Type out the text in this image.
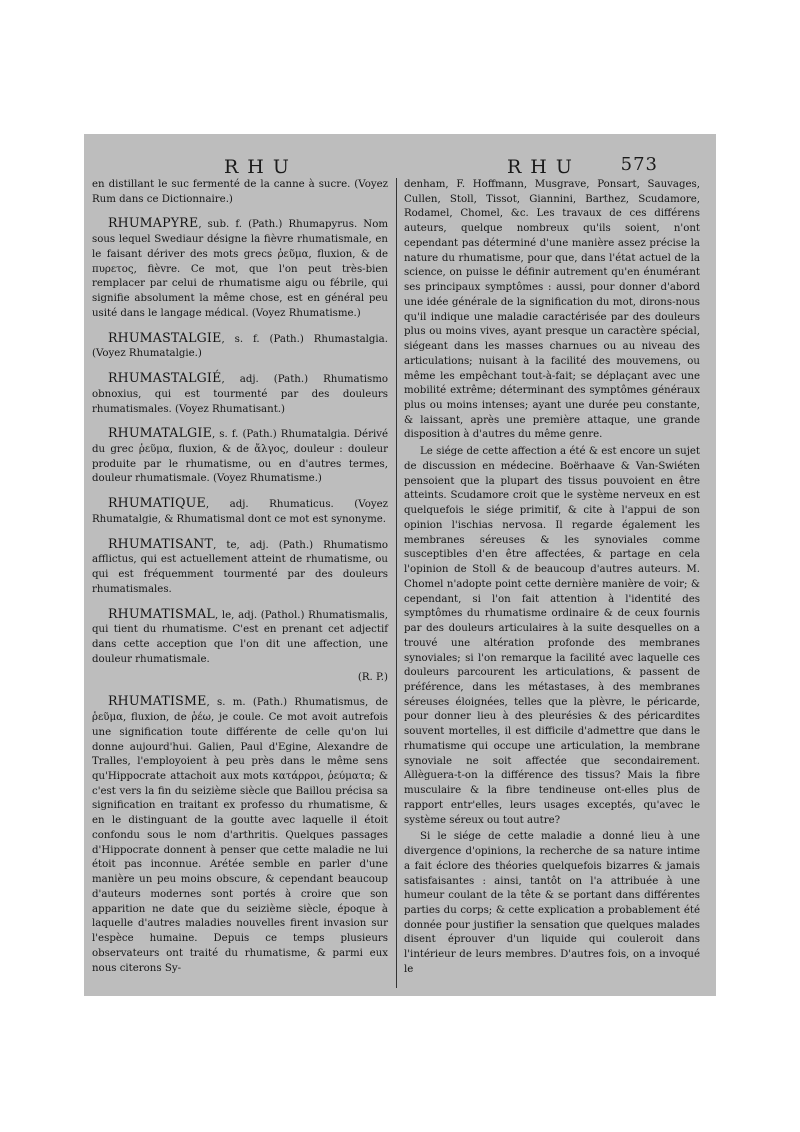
RHU	RHU 573

en distillant le suc fermenté de la canne à sucre. (Voyez Rum dans ce Dictionnaire.)

RHUMAPYRE, sub. f. (Path.) Rhumapyrus. Nom sous lequel Swediaur désigne la fièvre rhumatismale, en le faisant dériver des mots grecs ῥεῦμα, fluxion, & de πυρετος, fièvre. Ce mot, que l'on peut très-bien remplacer par celui de rhumatisme aigu ou fébrile, qui signifie absolument la même chose, est en général peu usité dans le langage médical. (Voyez Rhumatisme.)

RHUMASTALGIE, s. f. (Path.) Rhumastalgia. (Voyez Rhumatalgie.)

RHUMASTALGIÉ, adj. (Path.) Rhumatismo obnoxius, qui est tourmenté par des douleurs rhumatismales. (Voyez Rhumatisant.)

RHUMATALGIE, s. f. (Path.) Rhumatalgia. Dérivé du grec ῥεῦμα, fluxion, & de ἄλγος, douleur : douleur produite par le rhumatisme, ou en d'autres termes, douleur rhumatismale. (Voyez Rhumatisme.)

RHUMATIQUE, adj. Rhumaticus. (Voyez Rhumatalgie, & Rhumatismal dont ce mot est synonyme.

RHUMATISANT, te, adj. (Path.) Rhumatismo afflictus, qui est actuellement atteint de rhumatisme, ou qui est fréquemment tourmenté par des douleurs rhumatismales.

RHUMATISMAL, le, adj. (Pathol.) Rhumatismalis, qui tient du rhumatisme. C'est en prenant cet adjectif dans cette acception que l'on dit une affection, une douleur rhumatismale.

(R. P.)

RHUMATISME, s. m. (Path.) Rhumatismus, de ῥεῦμα, fluxion, de ῥέω, je coule. Ce mot avoit autrefois une signification toute différente de celle qu'on lui donne aujourd'hui. Galien, Paul d'Egine, Alexandre de Tralles, l'employoient à peu près dans le même sens qu'Hippocrate attachoit aux mots κατάρροι, ῥεύματα; & c'est vers la fin du seizième siècle que Baillou précisa sa signification en traitant ex professo du rhumatisme, & en le distinguant de la goutte avec laquelle il étoit confondu sous le nom d'arthritis. Quelques passages d'Hippocrate donnent à penser que cette maladie ne lui étoit pas inconnue. Arétée semble en parler d'une manière un peu moins obscure, & cependant beaucoup d'auteurs modernes sont portés à croire que son apparition ne date que du seizième siècle, époque à laquelle d'autres maladies nouvelles firent invasion sur l'espèce humaine. Depuis ce temps plusieurs observateurs ont traité du rhumatisme, & parmi eux nous citerons Sy-

denham, F. Hoffmann, Musgrave, Ponsart, Sauvages, Cullen, Stoll, Tissot, Giannini, Barthez, Scudamore, Rodamel, Chomel, &c. Les travaux de ces différens auteurs, quelque nombreux qu'ils soient, n'ont cependant pas déterminé d'une manière assez précise la nature du rhumatisme, pour que, dans l'état actuel de la science, on puisse le définir autrement qu'en énumérant ses principaux symptômes : aussi, pour donner d'abord une idée générale de la signification du mot, dirons-nous qu'il indique une maladie caractérisée par des douleurs plus ou moins vives, ayant presque un caractère spécial, siégeant dans les masses charnues ou au niveau des articulations; nuisant à la facilité des mouvemens, ou même les empêchant tout-à-fait; se déplaçant avec une mobilité extrême; déterminant des symptômes généraux plus ou moins intenses; ayant une durée peu constante, & laissant, après une première attaque, une grande disposition à d'autres du même genre.

Le siége de cette affection a été & est encore un sujet de discussion en médecine. Boërhaave & Van-Swiéten pensoient que la plupart des tissus pouvoient en être atteints. Scudamore croit que le système nerveux en est quelquefois le siége primitif, & cite à l'appui de son opinion l'ischias nervosa. Il regarde également les membranes séreuses & les synoviales comme susceptibles d'en être affectées, & partage en cela l'opinion de Stoll & de beaucoup d'autres auteurs. M. Chomel n'adopte point cette dernière manière de voir; & cependant, si l'on fait attention à l'identité des symptômes du rhumatisme ordinaire & de ceux fournis par des douleurs articulaires à la suite desquelles on a trouvé une altération profonde des membranes synoviales; si l'on remarque la facilité avec laquelle ces douleurs parcourent les articulations, & passent de préférence, dans les métastases, à des membranes séreuses éloignées, telles que la plèvre, le péricarde, pour donner lieu à des pleurésies & des péricardites souvent mortelles, il est difficile d'admettre que dans le rhumatisme qui occupe une articulation, la membrane synoviale ne soit affectée que secondairement. Allèguera-t-on la différence des tissus? Mais la fibre musculaire & la fibre tendineuse ont-elles plus de rapport entr'elles, leurs usages exceptés, qu'avec le système séreux ou tout autre?

Si le siége de cette maladie a donné lieu à une divergence d'opinions, la recherche de sa nature intime a fait éclore des théories quelquefois bizarres & jamais satisfaisantes : ainsi, tantôt on l'a attribuée à une humeur coulant de la tête & se portant dans différentes parties du corps; & cette explication a probablement été donnée pour justifier la sensation que quelques malades disent éprouver d'un liquide qui couleroit dans l'intérieur de leurs membres. D'autres fois, on a invoqué le
